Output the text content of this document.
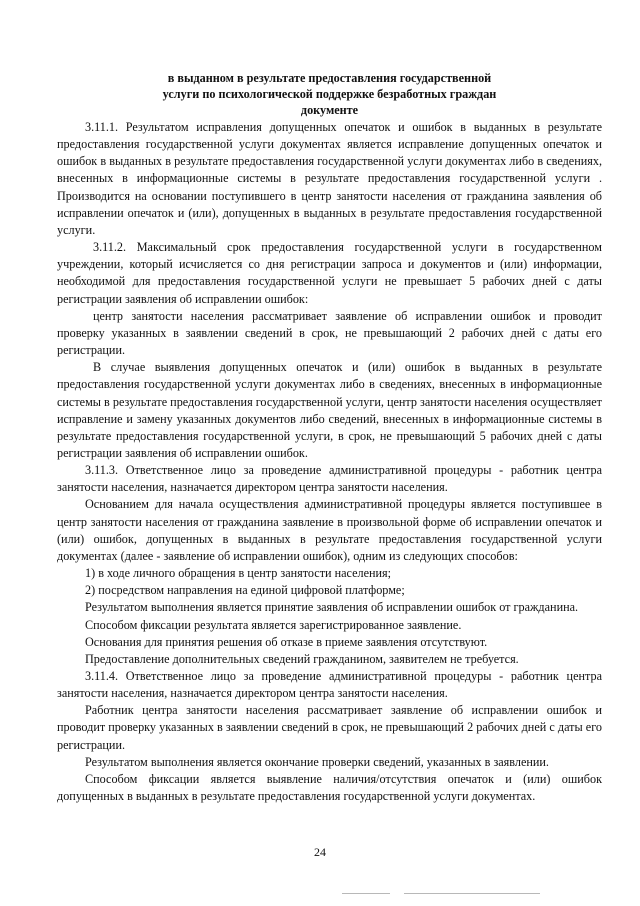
в выданном в результате предоставления государственной
услуги по психологической поддержке безработных граждан
документе

3.11.1. Результатом исправления допущенных опечаток и ошибок в выданных в результате предоставления государственной услуги документах является исправление допущенных опечаток и ошибок в выданных в результате предоставления государственной услуги документах либо в сведениях, внесенных в информационные системы в результате предоставления государственной услуги . Производится на основании поступившего в центр занятости населения от гражданина заявления об исправлении опечаток и (или), допущенных в выданных в результате предоставления государственной услуги.

3.11.2. Максимальный срок предоставления государственной услуги в государственном учреждении, который исчисляется со дня регистрации запроса и документов и (или) информации, необходимой для предоставления государственной услуги не превышает 5 рабочих дней с даты регистрации заявления об исправлении ошибок:

центр занятости населения рассматривает заявление об исправлении ошибок и проводит проверку указанных в заявлении сведений в срок, не превышающий 2 рабочих дней с даты его регистрации.

В случае выявления допущенных опечаток и (или) ошибок в выданных в результате предоставления государственной услуги документах либо в сведениях, внесенных в информационные системы в результате предоставления государственной услуги, центр занятости населения осуществляет исправление и замену указанных документов либо сведений, внесенных в информационные системы в результате предоставления государственной услуги, в срок, не превышающий 5 рабочих дней с даты регистрации заявления об исправлении ошибок.

3.11.3. Ответственное лицо за проведение административной процедуры - работник центра занятости населения, назначается директором центра занятости населения.

Основанием для начала осуществления административной процедуры является поступившее в центр занятости населения от гражданина заявление в произвольной форме об исправлении опечаток и (или) ошибок, допущенных в выданных в результате предоставления государственной услуги документах (далее - заявление об исправлении ошибок), одним из следующих способов:

1) в ходе личного обращения в центр занятости населения;

2) посредством направления на единой цифровой платформе;

Результатом выполнения является принятие заявления об исправлении ошибок от гражданина.

Способом фиксации результата является зарегистрированное заявление.

Основания для принятия решения об отказе в приеме заявления отсутствуют.

Предоставление дополнительных сведений гражданином, заявителем не требуется.

3.11.4. Ответственное лицо за проведение административной процедуры - работник центра занятости населения, назначается директором центра занятости населения.

Работник центра занятости населения рассматривает заявление об исправлении ошибок и проводит проверку указанных в заявлении сведений в срок, не превышающий 2 рабочих дней с даты его регистрации.

Результатом выполнения является окончание проверки сведений, указанных в заявлении.

Способом фиксации является выявление наличия/отсутствия опечаток и (или) ошибок допущенных в выданных в результате предоставления государственной услуги документах.

24
